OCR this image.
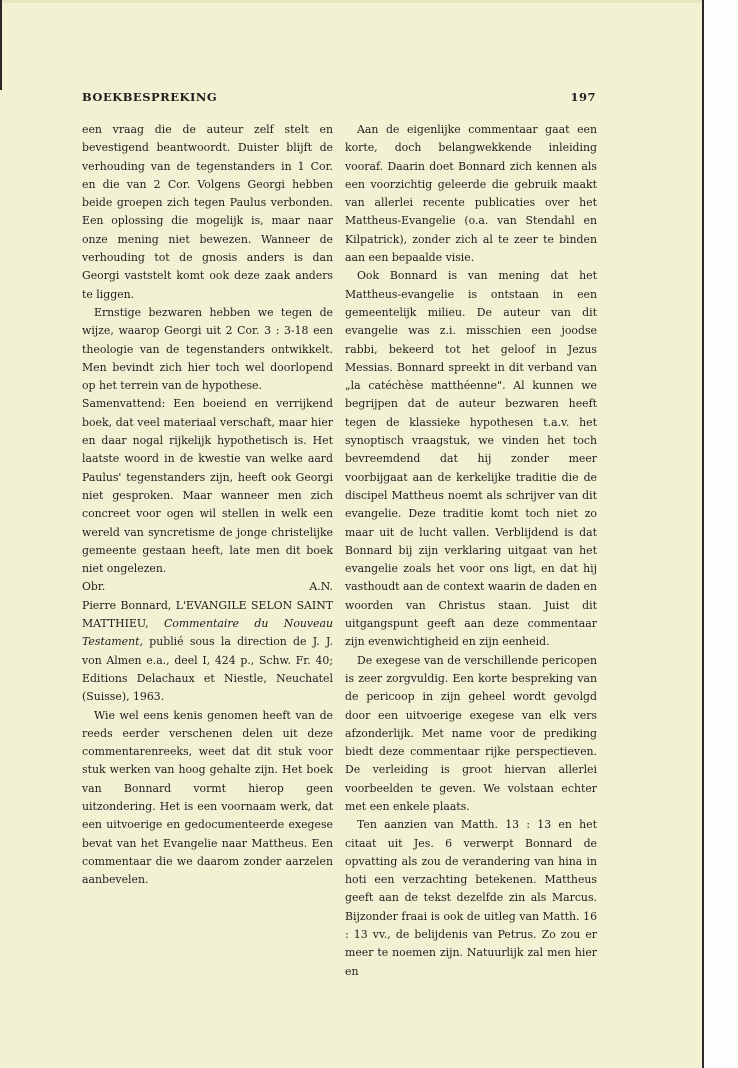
BOEKBESPREKING	197

een vraag die de auteur zelf stelt en bevestigend beantwoordt. Duister blijft de verhouding van de tegenstanders in 1 Cor. en die van 2 Cor. Volgens Georgi hebben beide groepen zich tegen Paulus verbonden. Een oplossing die mogelijk is, maar naar onze mening niet bewezen. Wanneer de verhouding tot de gnosis anders is dan Georgi vaststelt komt ook deze zaak anders te liggen.

Ernstige bezwaren hebben we tegen de wijze, waarop Georgi uit 2 Cor. 3 : 3-18 een theologie van de tegenstanders ontwikkelt. Men bevindt zich hier toch wel doorlopend op het terrein van de hypothese.

Samenvattend: Een boeiend en verrijkend boek, dat veel materiaal verschaft, maar hier en daar nogal rijkelijk hypothetisch is. Het laatste woord in de kwestie van welke aard Paulus' tegenstanders zijn, heeft ook Georgi niet gesproken. Maar wanneer men zich concreet voor ogen wil stellen in welk een wereld van syncretisme de jonge christelijke gemeente gestaan heeft, late men dit boek niet ongelezen.

Obr.	A.N.

Pierre Bonnard, L'EVANGILE SELON SAINT MATTHIEU, Commentaire du Nouveau Testament, publié sous la direction de J. J. von Almen e.a., deel I, 424 p., Schw. Fr. 40; Editions Delachaux et Niestle, Neuchatel (Suisse), 1963.

Wie wel eens kenis genomen heeft van de reeds eerder verschenen delen uit deze commentarenreeks, weet dat dit stuk voor stuk werken van hoog gehalte zijn. Het boek van Bonnard vormt hierop geen uitzondering. Het is een voornaam werk, dat een uitvoerige en gedocumenteerde exegese bevat van het Evangelie naar Mattheus. Een commentaar die we daarom zonder aarzelen aanbevelen.

Aan de eigenlijke commentaar gaat een korte, doch belangwekkende inleiding vooraf. Daarin doet Bonnard zich kennen als een voorzichtig geleerde die gebruik maakt van allerlei recente publicaties over het Mattheus-Evangelie (o.a. van Stendahl en Kilpatrick), zonder zich al te zeer te binden aan een bepaalde visie.

Ook Bonnard is van mening dat het Mattheus-evangelie is ontstaan in een gemeentelijk milieu. De auteur van dit evangelie was z.i. misschien een joodse rabbi, bekeerd tot het geloof in Jezus Messias. Bonnard spreekt in dit verband van „la catéchèse matthéenne". Al kunnen we begrijpen dat de auteur bezwaren heeft tegen de klassieke hypothesen t.a.v. het synoptisch vraagstuk, we vinden het toch bevreemdend dat hij zonder meer voorbijgaat aan de kerkelijke traditie die de discipel Mattheus noemt als schrijver van dit evangelie. Deze traditie komt toch niet zo maar uit de lucht vallen. Verblijdend is dat Bonnard bij zijn verklaring uitgaat van het evangelie zoals het voor ons ligt, en dat hij vasthoudt aan de context waarin de daden en woorden van Christus staan. Juist dit uitgangspunt geeft aan deze commentaar zijn evenwichtigheid en zijn eenheid.

De exegese van de verschillende pericopen is zeer zorgvuldig. Een korte bespreking van de pericoop in zijn geheel wordt gevolgd door een uitvoerige exegese van elk vers afzonderlijk. Met name voor de prediking biedt deze commentaar rijke perspectieven. De verleiding is groot hiervan allerlei voorbeelden te geven. We volstaan echter met een enkele plaats.

Ten aanzien van Matth. 13 : 13 en het citaat uit Jes. 6 verwerpt Bonnard de opvatting als zou de verandering van hina in hoti een verzachting betekenen. Mattheus geeft aan de tekst dezelfde zin als Marcus. Bijzonder fraai is ook de uitleg van Matth. 16 : 13 vv., de belijdenis van Petrus. Zo zou er meer te noemen zijn. Natuurlijk zal men hier en
